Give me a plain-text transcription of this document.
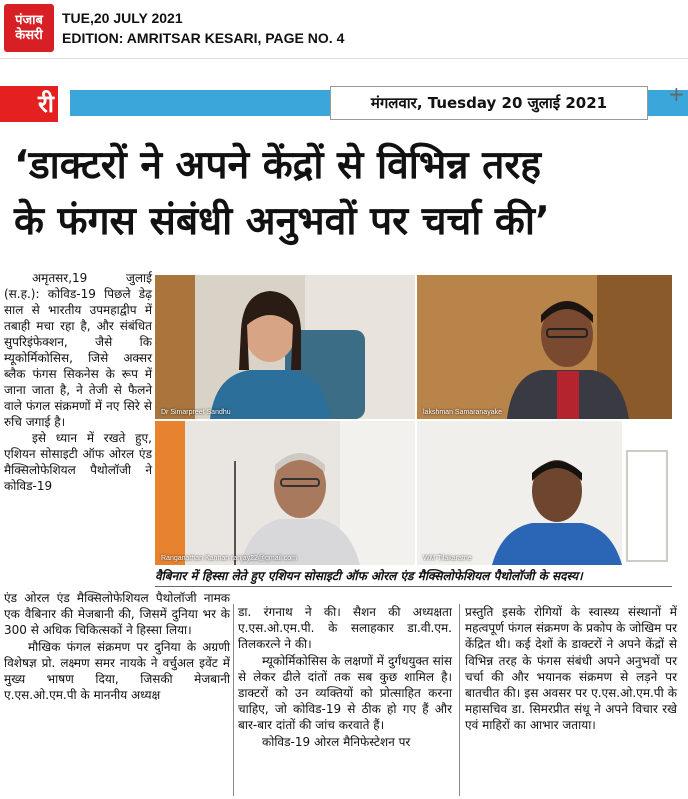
पंजाब
केसरी
TUE,20 JULY 2021
EDITION: AMRITSAR KESARI, PAGE NO. 4
री	मंगलवार, Tuesday 20 जुलाई 2021	+
‘डाक्टरों ने अपने केंद्रों से विभिन्न तरह
के फंगस संबंधी अनुभवों पर चर्चा की’

अमृतसर,19 जुलाई (स.ह.): कोविड-19 पिछले डेढ़ साल से भारतीय उपमहाद्वीप में तबाही मचा रहा है, और संबंधित सुपरिइंफेक्शन, जैसे कि म्यूकोर्मिकोसिस, जिसे अक्सर ब्लैक फंगस सिकनेस के रूप में जाना जाता है, ने तेजी से फैलने वाले फंगल संक्रमणों में नए सिरे से रुचि जगाई है।

इसे ध्यान में रखते हुए, एशियन सोसाइटी ऑफ ओरल एंड मैक्सिलोफेशियल पैथोलॉजी ने कोविड-19

Dr Simarpreet Sandhu	lakshman Samaranayake
Ranganathan Kannan ranjay22@gmail.com	WM Tilakaratne
वैबिनार में हिस्सा लेते हुए एशियन सोसाइटी ऑफ ओरल एंड मैक्सिलोफेशियल पैथोलॉजी के सदस्य।

एंड ओरल एंड मैक्सिलोफेशियल पैथोलॉजी नामक एक वैबिनार की मेजबानी की, जिसमें दुनिया भर के 300 से अधिक चिकित्सकों ने हिस्सा लिया।

मौखिक फंगल संक्रमण पर दुनिया के अग्रणी विशेषज्ञ प्रो. लक्ष्मण समर नायके ने वर्चुअल इवेंट में मुख्य भाषण दिया, जिसकी मेजबानी ए.एस.ओ.एम.पी के माननीय अध्यक्ष

डा. रंगनाथ ने की। सैशन की अध्यक्षता ए.एस.ओ.एम.पी. के सलाहकार डा.वी.एम. तिलकरत्ने ने की।

म्यूकोर्मिकोसिस के लक्षणों में दुर्गंधयुक्त सांस से लेकर ढीले दांतों तक सब कुछ शामिल है। डाक्टरों को उन व्यक्तियों को प्रोत्साहित करना चाहिए, जो कोविड-19 से ठीक हो गए हैं और बार-बार दांतों की जांच करवाते हैं।

कोविड-19 ओरल मैनिफेस्टेशन पर

प्रस्तुति इसके रोगियों के स्वास्थ्य संस्थानों में महत्वपूर्ण फंगल संक्रमण के प्रकोप के जोखिम पर केंद्रित थी। कई देशों के डाक्टरों ने अपने केंद्रों से विभिन्न तरह के फंगस संबंधी अपने अनुभवों पर चर्चा की और भयानक संक्रमण से लड़ने पर बातचीत की। इस अवसर पर ए.एस.ओ.एम.पी के महासचिव डा. सिमरप्रीत संधू ने अपने विचार रखे एवं माहिरों का आभार जताया।
